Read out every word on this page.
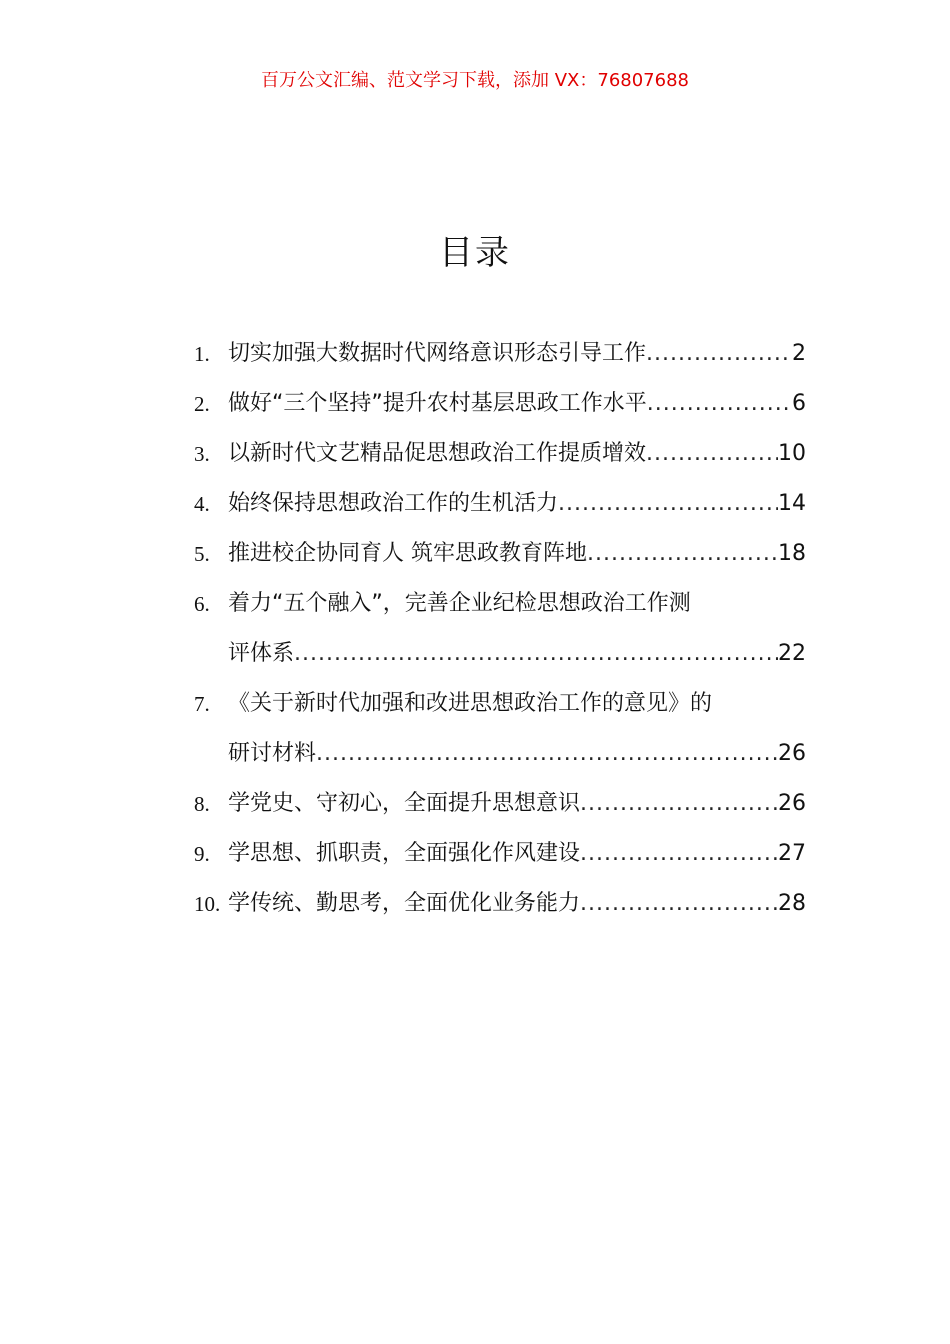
百万公文汇编、范文学习下载，添加 VX：76807688
目录
1. 切实加强大数据时代网络意识形态引导工作 .....	2
2. 做好“三个坚持”提升农村基层思政工作水平 .....	6
3. 以新时代文艺精品促思想政治工作提质增效 .....	10
4. 始终保持思想政治工作的生机活力 .....	14
5. 推进校企协同育人 筑牢思政教育阵地 .....	18
6. 着力“五个融入”，完善企业纪检思想政治工作测
评体系 .....	22
7. 《关于新时代加强和改进思想政治工作的意见》的
研讨材料 .....	26
8. 学党史、守初心，全面提升思想意识 .....	26
9. 学思想、抓职责，全面强化作风建设 .....	27
10. 学传统、勤思考，全面优化业务能力 .....	28
